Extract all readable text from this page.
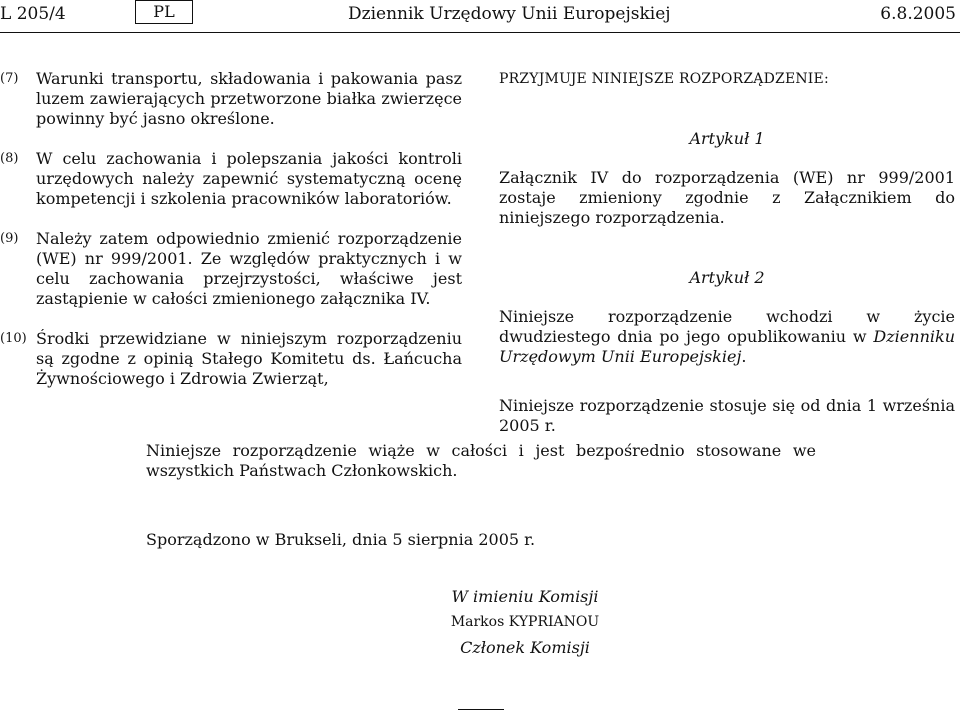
L 205/4	PL	Dziennik Urzędowy Unii Europejskiej	6.8.2005
(7) Warunki transportu, składowania i pakowania pasz luzem zawierających przetworzone białka zwierzęce powinny być jasno określone.
(8) W celu zachowania i polepszania jakości kontroli urzędowych należy zapewnić systematyczną ocenę kompetencji i szkolenia pracowników laboratoriów.
(9) Należy zatem odpowiednio zmienić rozporządzenie (WE) nr 999/2001. Ze względów praktycznych i w celu zachowania przejrzystości, właściwe jest zastąpienie w całości zmienionego załącznika IV.
(10) Środki przewidziane w niniejszym rozporządzeniu są zgodne z opinią Stałego Komitetu ds. Łańcucha Żywnościowego i Zdrowia Zwierząt,
PRZYJMUJE NINIEJSZE ROZPORZĄDZENIE:
Artykuł 1
Załącznik IV do rozporządzenia (WE) nr 999/2001 zostaje zmieniony zgodnie z Załącznikiem do niniejszego rozporządzenia.
Artykuł 2
Niniejsze rozporządzenie wchodzi w życie dwudziestego dnia po jego opublikowaniu w Dzienniku Urzędowym Unii Europejskiej.
Niniejsze rozporządzenie stosuje się od dnia 1 września 2005 r.
Niniejsze rozporządzenie wiąże w całości i jest bezpośrednio stosowane we wszystkich Państwach Członkowskich.
Sporządzono w Brukseli, dnia 5 sierpnia 2005 r.
W imieniu Komisji
Markos KYPRIANOU
Członek Komisji
